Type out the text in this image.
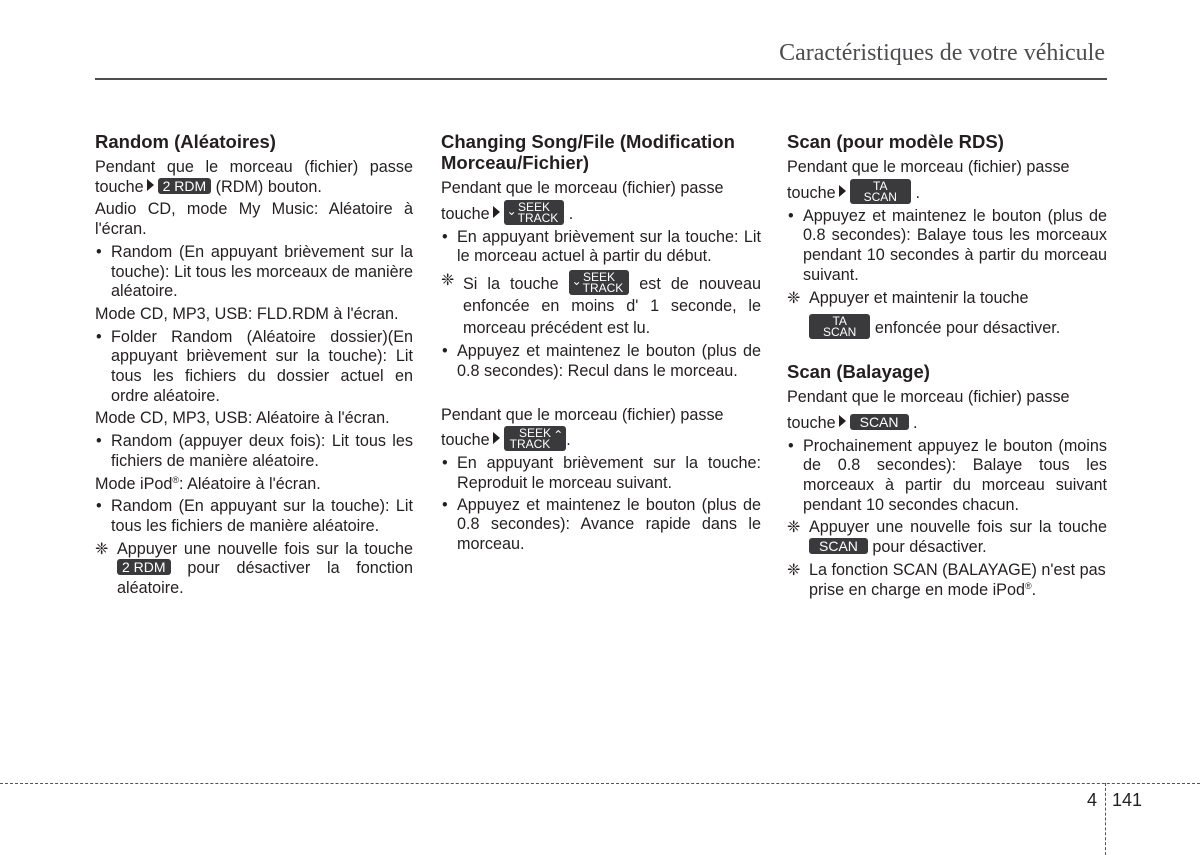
Caractéristiques de votre véhicule
Random (Aléatoires)

Pendant que le morceau (fichier) passe touche 2 RDM (RDM) bouton.

Audio CD, mode My Music: Aléatoire à l'écran.

• Random (En appuyant brièvement sur la touche): Lit tous les morceaux de manière aléatoire.

Mode CD, MP3, USB: FLD.RDM à l'écran.

• Folder Random (Aléatoire dossier)(En appuyant brièvement sur la touche): Lit tous les fichiers du dossier actuel en ordre aléatoire.

Mode CD, MP3, USB: Aléatoire à l'écran.

• Random (appuyer deux fois): Lit tous les fichiers de manière aléatoire.

Mode iPod®: Aléatoire à l'écran.

• Random (En appuyant sur la touche): Lit tous les fichiers de manière aléatoire.
❈ Appuyer une nouvelle fois sur la touche 2 RDM pour désactiver la fonction aléatoire.
Changing Song/File (Modification Morceau/Fichier)

Pendant que le morceau (fichier) passe
touche ⌄ SEEK
TRACK .

• En appuyant brièvement sur la touche: Lit le morceau actuel à partir du début.
❈ Si la touche ⌄ SEEK
TRACK est de nouveau enfoncée en moins d' 1 seconde, le morceau précédent est lu.
• Appuyez et maintenez le bouton (plus de 0.8 secondes): Recul dans le morceau.

Pendant que le morceau (fichier) passe
touche SEEK
TRACK
⌃ .

• En appuyant brièvement sur la touche: Reproduit le morceau suivant.
• Appuyez et maintenez le bouton (plus de 0.8 secondes): Avance rapide dans le morceau.
Scan (pour modèle RDS)

Pendant que le morceau (fichier) passe
touche	TA
SCAN .

• Appuyez et maintenez le bouton (plus de 0.8 secondes): Balaye tous les morceaux pendant 10 secondes à partir du morceau suivant.
❈ Appuyer et maintenir la touche
TA
SCAN enfoncée pour désactiver.
Scan (Balayage)

Pendant que le morceau (fichier) passe
touche SCAN .

• Prochainement appuyez le bouton (moins de 0.8 secondes): Balaye tous les morceaux à partir du morceau suivant pendant 10 secondes chacun.
❈ Appuyer une nouvelle fois sur la touche SCAN pour désactiver.
❈ La fonction SCAN (BALAYAGE) n'est pas prise en charge en mode iPod®.
4 141
